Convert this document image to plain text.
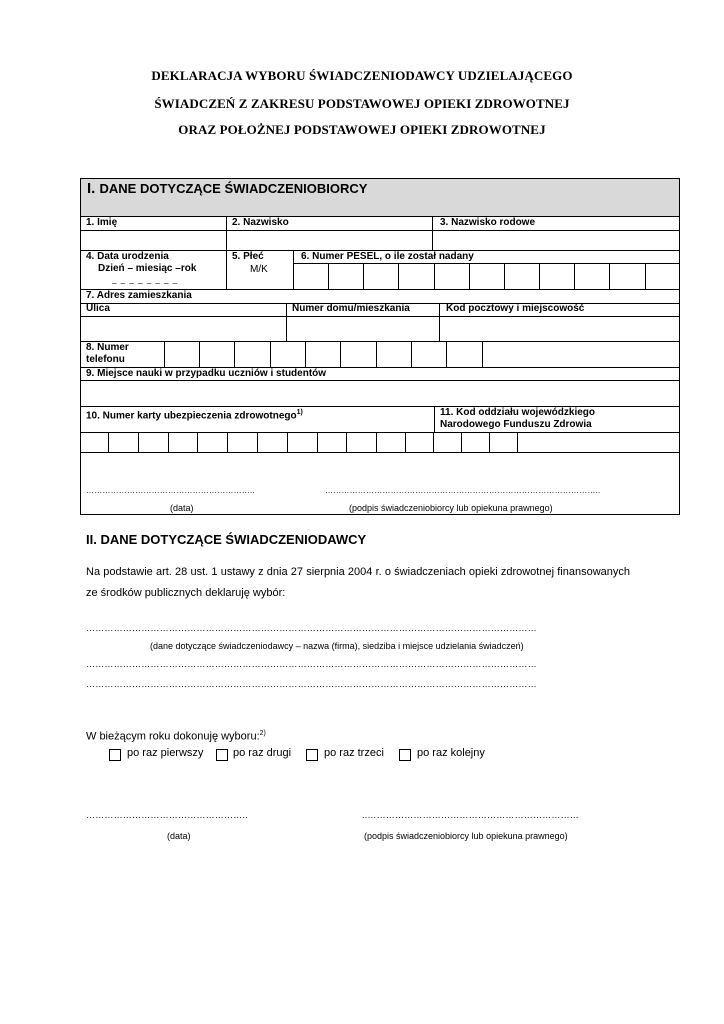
DEKLARACJA WYBORU ŚWIADCZENIODAWCY UDZIELAJĄCEGO
ŚWIADCZEŃ Z ZAKRESU PODSTAWOWEJ OPIEKI ZDROWOTNEJ
ORAZ POŁOŻNEJ PODSTAWOWEJ OPIEKI ZDROWOTNEJ
I. DANE DOTYCZĄCE ŚWIADCZENIOBIORCY
1. Imię	2. Nazwisko	3. Nazwisko rodowe
4. Data urodzenia
Dzień – miesiąc –rok
_ _ _ _ _ _ _ _
5. Płeć
M/K
6. Numer PESEL, o ile został nadany
7. Adres zamieszkania
Ulica	Numer domu/mieszkania	Kod pocztowy i miejscowość
8. Numer
telefonu
9. Miejsce nauki w przypadku uczniów i studentów
10. Numer karty ubezpieczenia zdrowotnego$^{1)}$	11. Kod oddziału wojewódzkiego
Narodowego Funduszu Zdrowia
……………………………………………………..	………………………………………………………………………………………..
(data)	(podpis świadczeniobiorcy lub opiekuna prawnego)
II. DANE DOTYCZĄCE ŚWIADCZENIODAWCY
Na podstawie art. 28 ust. 1 ustawy z dnia 27 sierpnia 2004 r. o świadczeniach opieki zdrowotnej finansowanych ze środków publicznych deklaruję wybór:
…………………………………………………………………………………………………………………………………
(dane dotyczące świadczeniodawcy – nazwa (firma), siedziba i miejsce udzielania świadczeń)
…………………………………………………………………………………………………………………………………
…………………………………………………………………………………………………………………………………
W bieżącym roku dokonuję wyboru:$^{2)}$
po raz pierwszy	po raz drugi	po raz trzeci	po raz kolejny
……………………………………………..	..……………………………………………………………
(data)	(podpis świadczeniobiorcy lub opiekuna prawnego)
